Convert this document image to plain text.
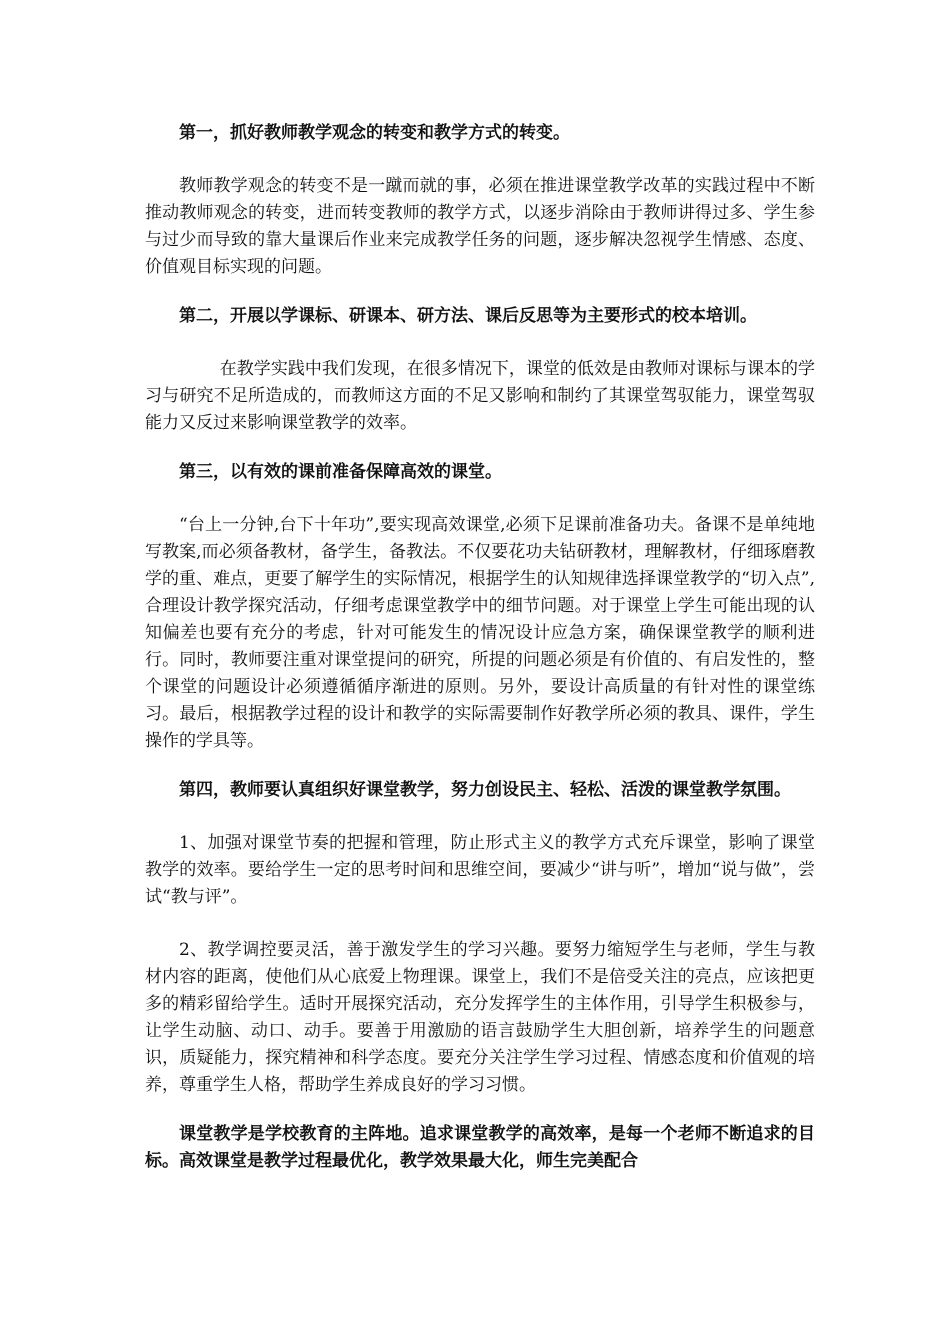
第一，抓好教师教学观念的转变和教学方式的转变。

教师教学观念的转变不是一蹴而就的事，必须在推进课堂教学改革的实践过程中不断推动教师观念的转变，进而转变教师的教学方式，以逐步消除由于教师讲得过多、学生参与过少而导致的靠大量课后作业来完成教学任务的问题，逐步解决忽视学生情感、态度、价值观目标实现的问题。

第二，开展以学课标、研课本、研方法、课后反思等为主要形式的校本培训。

在教学实践中我们发现，在很多情况下，课堂的低效是由教师对课标与课本的学习与研究不足所造成的，而教师这方面的不足又影响和制约了其课堂驾驭能力，课堂驾驭能力又反过来影响课堂教学的效率。

第三，以有效的课前准备保障高效的课堂。

“台上一分钟,台下十年功”,要实现高效课堂,必须下足课前准备功夫。备课不是单纯地写教案,而必须备教材，备学生，备教法。不仅要花功夫钻研教材，理解教材，仔细琢磨教学的重、难点，更要了解学生的实际情况，根据学生的认知规律选择课堂教学的“切入点”,合理设计教学探究活动，仔细考虑课堂教学中的细节问题。对于课堂上学生可能出现的认知偏差也要有充分的考虑，针对可能发生的情况设计应急方案，确保课堂教学的顺利进行。同时，教师要注重对课堂提问的研究，所提的问题必须是有价值的、有启发性的，整个课堂的问题设计必须遵循循序渐进的原则。另外，要设计高质量的有针对性的课堂练习。最后，根据教学过程的设计和教学的实际需要制作好教学所必须的教具、课件，学生操作的学具等。

第四，教师要认真组织好课堂教学，努力创设民主、轻松、活泼的课堂教学氛围。

1、加强对课堂节奏的把握和管理，防止形式主义的教学方式充斥课堂，影响了课堂教学的效率。要给学生一定的思考时间和思维空间，要减少“讲与听”，增加“说与做”，尝试“教与评”。

2、教学调控要灵活，善于激发学生的学习兴趣。要努力缩短学生与老师，学生与教材内容的距离，使他们从心底爱上物理课。课堂上，我们不是倍受关注的亮点，应该把更多的精彩留给学生。适时开展探究活动，充分发挥学生的主体作用，引导学生积极参与，让学生动脑、动口、动手。要善于用激励的语言鼓励学生大胆创新，培养学生的问题意识，质疑能力，探究精神和科学态度。要充分关注学生学习过程、情感态度和价值观的培养，尊重学生人格，帮助学生养成良好的学习习惯。

课堂教学是学校教育的主阵地。追求课堂教学的高效率，是每一个老师不断追求的目标。高效课堂是教学过程最优化，教学效果最大化，师生完美配合
